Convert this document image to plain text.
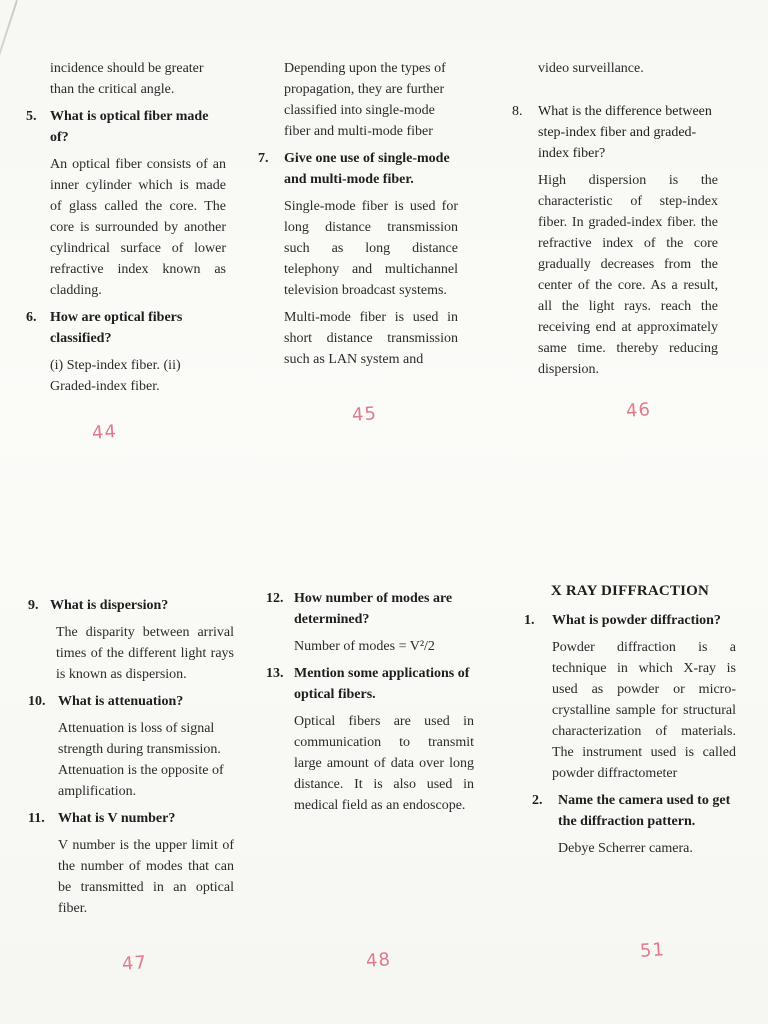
incidence should be greater than the critical angle.

5. What is optical fiber made of?

An optical fiber consists of an inner cylinder which is made of glass called the core. The core is surrounded by another cylindrical surface of lower refractive index known as cladding.

6. How are optical fibers classified?

(i) Step-index fiber. (ii) Graded-index fiber.

Depending upon the types of propagation, they are further classified into single-mode fiber and multi-mode fiber

7.	Give one use of single-mode and multi-mode fiber.

Single-mode fiber is used for long distance transmission such as long distance telephony and multichannel television broadcast systems.

Multi-mode fiber is used in short distance transmission such as LAN system and

video surveillance.

8.	What is the difference between step-index fiber and graded-index fiber?

High dispersion is the characteristic of step-index fiber. In graded-index fiber. the refractive index of the core gradually decreases from the center of the core. As a result, all the light rays. reach the receiving end at approximately same time. thereby reducing dispersion.

9. What is dispersion?

The disparity between arrival times of the different light rays is known as dispersion.

10. What is attenuation?

Attenuation is loss of signal strength during transmission. Attenuation is the opposite of amplification.

11. What is V number?

V number is the upper limit of the number of modes that can be transmitted in an optical fiber.

12. How number of modes are determined?

Number of modes = V²/2

13. Mention some applications of optical fibers.

Optical fibers are used in communication to transmit large amount of data over long distance. It is also used in medical field as an endoscope.

X RAY DIFFRACTION
1.	What is powder diffraction?

Powder diffraction is a technique in which X-ray is used as powder or micro-crystalline sample for structural characterization of materials. The instrument used is called powder diffractometer

2.	Name the camera used to get the diffraction pattern.

Debye Scherrer camera.

44
45	46
47	48	51
